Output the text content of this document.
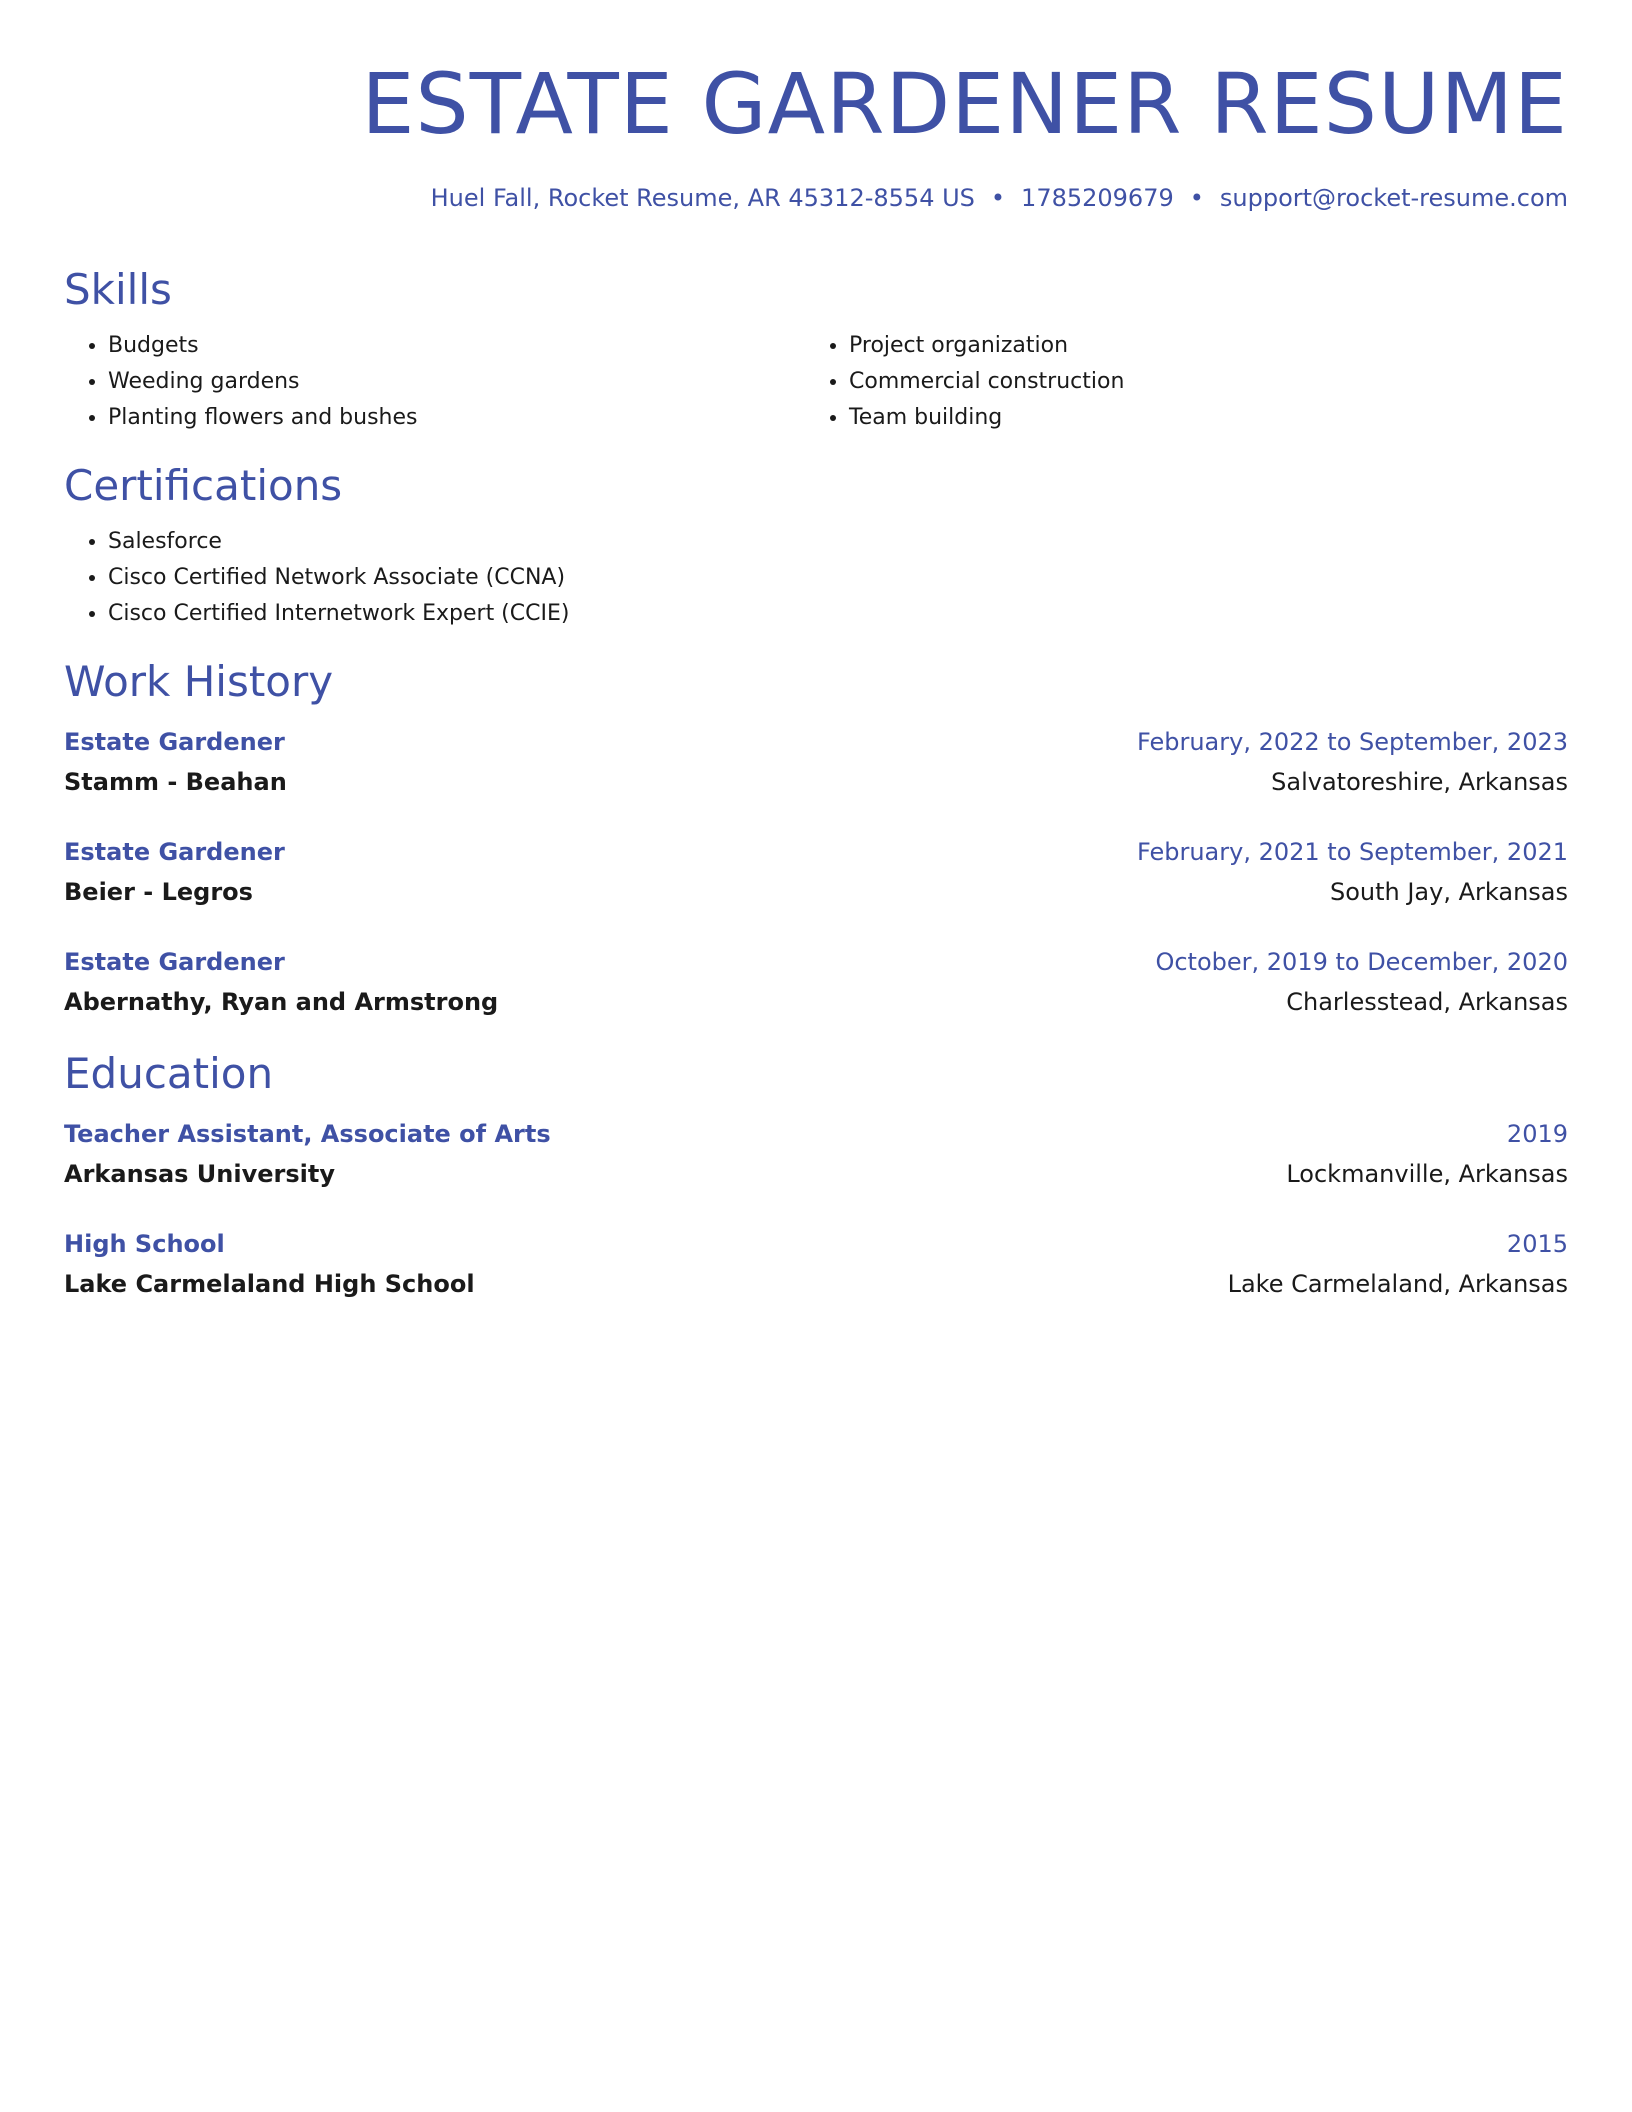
ESTATE GARDENER RESUME
Huel Fall, Rocket Resume, AR 45312-8554 US • 1785209679 • support@rocket-resume.com
Skills
• Budgets
• Weeding gardens
• Planting flowers and bushes
• Project organization
• Commercial construction
• Team building
Certifications
• Salesforce
• Cisco Certified Network Associate (CCNA)
• Cisco Certified Internetwork Expert (CCIE)
Work History
Estate Gardener	February, 2022 to September, 2023
Stamm - Beahan	Salvatoreshire, Arkansas
Estate Gardener	February, 2021 to September, 2021
Beier - Legros	South Jay, Arkansas
Estate Gardener	October, 2019 to December, 2020
Abernathy, Ryan and Armstrong	Charlesstead, Arkansas
Education
Teacher Assistant, Associate of Arts	2019
Arkansas University	Lockmanville, Arkansas
High School	2015
Lake Carmelaland High School	Lake Carmelaland, Arkansas
